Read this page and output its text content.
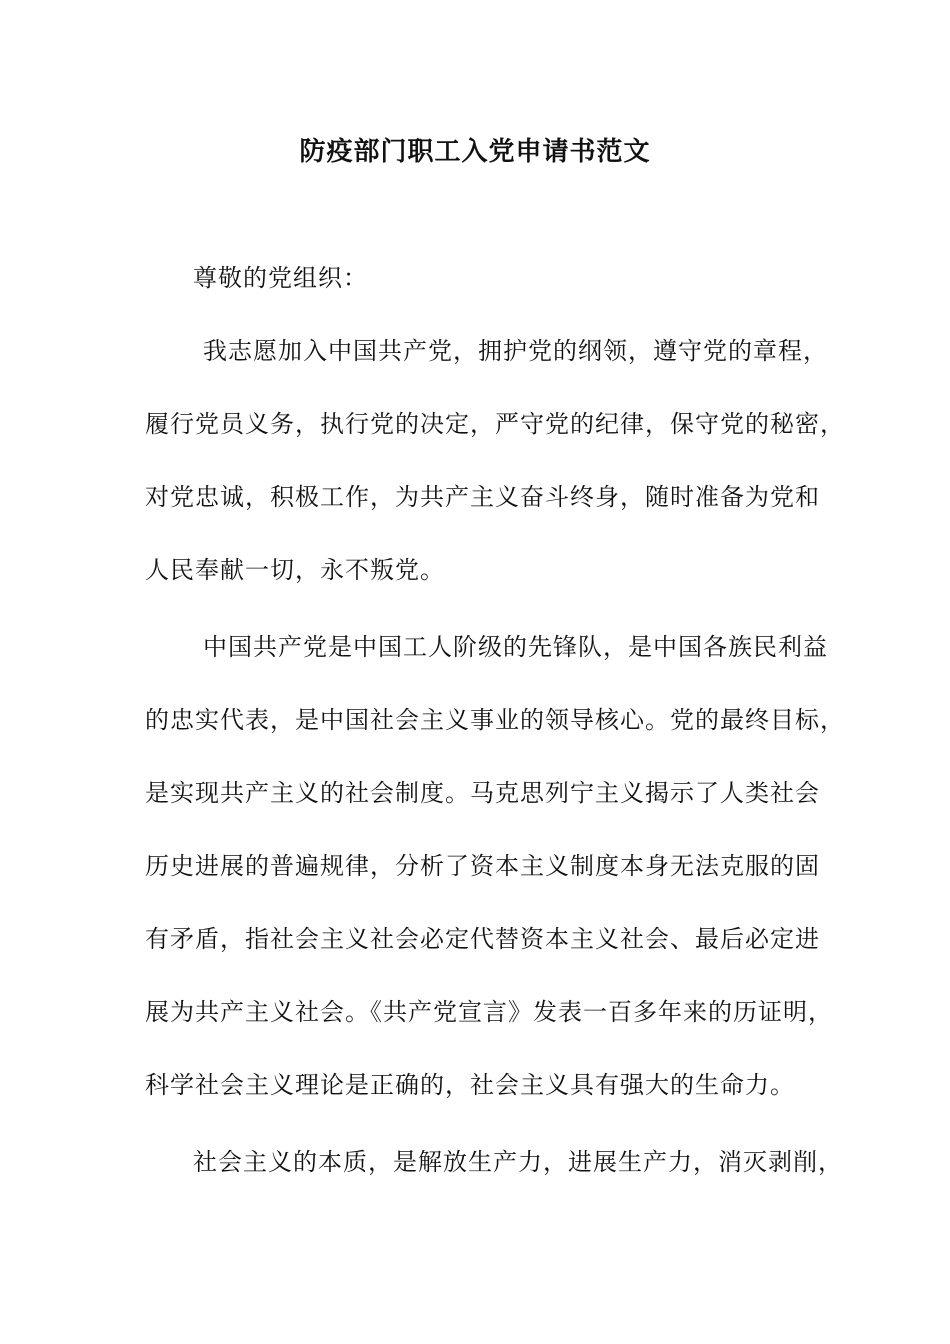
防疫部门职工入党申请书范文
尊敬的党组织：
我志愿加入中国共产党，拥护党的纲领，遵守党的章程，
履行党员义务，执行党的决定，严守党的纪律，保守党的秘密，
对党忠诚，积极工作，为共产主义奋斗终身，随时准备为党和
人民奉献一切，永不叛党。
中国共产党是中国工人阶级的先锋队，是中国各族民利益
的忠实代表，是中国社会主义事业的领导核心。党的最终目标，
是实现共产主义的社会制度。马克思列宁主义揭示了人类社会
历史进展的普遍规律，分析了资本主义制度本身无法克服的固
有矛盾，指社会主义社会必定代替资本主义社会、最后必定进
展为共产主义社会。《共产党宣言》发表一百多年来的历证明，
科学社会主义理论是正确的，社会主义具有强大的生命力。
社会主义的本质，是解放生产力，进展生产力，消灭剥削，
